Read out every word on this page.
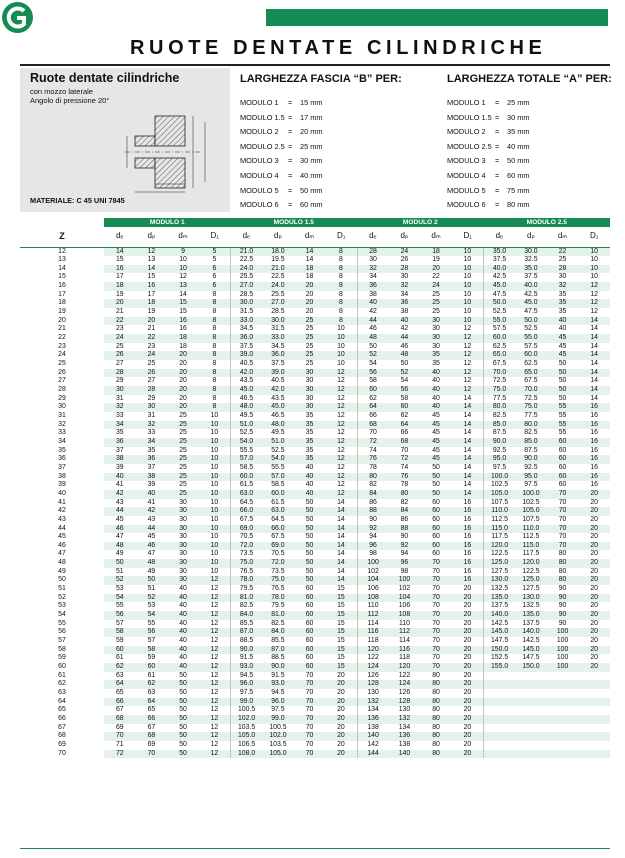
RUOTE DENTATE CILINDRICHE
Ruote dentate cilindriche
con mozzo laterale
Angolo di pressione 20°
MATERIALE: C 45 UNI 7845
LARGHEZZA FASCIA “B” PER:
MODULO 1	=	15 mm
MODULO 1.5 =	17 mm
MODULO 2	=	20 mm
MODULO 2.5 =	25 mm
MODULO 3	=	30 mm
MODULO 4	=	40 mm
MODULO 5	=	50 mm
MODULO 6	=	60 mm
LARGHEZZA TOTALE “A” PER:
MODULO 1	=	25 mm
MODULO 1.5 =	30 mm
MODULO 2	=	35 mm
MODULO 2.5 =	40 mm
MODULO 3	=	50 mm
MODULO 4	=	60 mm
MODULO 5	=	75 mm
MODULO 6	=	80 mm
	MODULO 1				MODULO 1.5				MODULO 2				MODULO 2.5			
Z	dₑ	dₚ	dₘ	D₁	dₑ	dₚ	dₘ	D₁	dₑ	dₚ	dₘ	D₁	dₑ	dₚ	dₘ	D₁
12	14	12	9	5	21.0	18.0	14	8	28	24	18	10	35.0	30.0	22	10
13	15	13	10	5	22.5	19.5	14	8	30	26	19	10	37.5	32.5	25	10
14	16	14	10	6	24.0	21.0	18	8	32	28	20	10	40.0	35.0	28	10
15	17	15	12	6	25.5	22.5	18	8	34	30	22	10	42.5	37.5	30	10
16	18	16	13	6	27.0	24.0	20	8	36	32	24	10	45.0	40.0	32	12
17	19	17	14	8	28.5	25.5	20	8	38	34	25	10	47.5	42.5	35	12
18	20	18	15	8	30.0	27.0	20	8	40	36	25	10	50.0	45.0	35	12
19	21	19	15	8	31.5	28.5	20	8	42	38	25	10	52.5	47.5	35	12
20	22	20	16	8	33.0	30.0	25	8	44	40	30	10	55.0	50.0	40	14
21	23	21	16	8	34.5	31.5	25	10	46	42	30	12	57.5	52.5	40	14
22	24	22	18	8	36.0	33.0	25	10	48	44	30	12	60.0	55.0	45	14
23	25	23	18	8	37.5	34.5	25	10	50	46	30	12	62.5	57.5	45	14
24	26	24	20	8	39.0	36.0	25	10	52	48	35	12	65.0	60.0	45	14
25	27	25	20	8	40.5	37.5	25	10	54	50	35	12	67.5	62.5	50	14
26	28	26	20	8	42.0	39.0	30	12	56	52	40	12	70.0	65.0	50	14
27	29	27	20	8	43.5	40.5	30	12	58	54	40	12	72.5	67.5	50	14
28	30	28	20	8	45.0	42.0	30	12	60	56	40	12	75.0	70.0	50	14
29	31	29	20	8	46.5	43.5	30	12	62	58	40	14	77.5	72.5	50	14
30	32	30	20	8	48.0	45.0	30	12	64	60	40	14	80.0	75.0	55	16
31	33	31	25	10	49.5	46.5	35	12	66	62	45	14	82.5	77.5	55	16
32	34	32	25	10	51.0	48.0	35	12	68	64	45	14	85.0	80.0	55	16
33	35	33	25	10	52.5	49.5	35	12	70	66	45	14	87.5	82.5	55	16
34	36	34	25	10	54.0	51.0	35	12	72	68	45	14	90.0	85.0	60	16
35	37	35	25	10	55.5	52.5	35	12	74	70	45	14	92.5	87.5	60	16
36	38	36	25	10	57.0	54.0	35	12	76	72	45	14	95.0	90.0	60	16
37	39	37	25	10	58.5	55.5	40	12	78	74	50	14	97.5	92.5	60	16
38	40	38	25	10	60.0	57.0	40	12	80	76	50	14	100.0	95.0	60	16
39	41	39	25	10	61.5	58.5	40	12	82	78	50	14	102.5	97.5	60	16
40	42	40	25	10	63.0	60.0	40	12	84	80	50	14	105.0	100.0	70	20
41	43	41	30	10	64.5	61.5	50	14	86	82	60	16	107.5	102.5	70	20
42	44	42	30	10	66.0	63.0	50	14	88	84	60	16	110.0	105.0	70	20
43	45	43	30	10	67.5	64.5	50	14	90	86	60	16	112.5	107.5	70	20
44	46	44	30	10	69.0	66.0	50	14	92	88	60	16	115.0	110.0	70	20
45	47	45	30	10	70.5	67.5	50	14	94	90	60	16	117.5	112.5	70	20
46	48	46	30	10	72.0	69.0	50	14	96	92	60	16	120.0	115.0	70	20
47	49	47	30	10	73.5	70.5	50	14	98	94	60	16	122.5	117.5	80	20
48	50	48	30	10	75.0	72.0	50	14	100	96	70	16	125.0	120.0	80	20
49	51	49	30	10	76.5	73.5	50	14	102	98	70	16	127.5	122.5	80	20
50	52	50	30	12	78.0	75.0	50	14	104	100	70	16	130.0	125.0	80	20
51	53	51	40	12	79.5	76.5	60	15	106	102	70	20	132.5	127.5	90	20
52	54	52	40	12	81.0	78.0	60	15	108	104	70	20	135.0	130.0	90	20
53	55	53	40	12	82.5	79.5	60	15	110	106	70	20	137.5	132.5	90	20
54	56	54	40	12	84.0	81.0	60	15	112	108	70	20	140.0	135.0	90	20
55	57	55	40	12	85.5	82.5	60	15	114	110	70	20	142.5	137.5	90	20
56	58	56	40	12	87.0	84.0	60	15	116	112	70	20	145.0	140.0	100	20
57	59	57	40	12	88.5	85.5	60	15	118	114	70	20	147.5	142.5	100	20
58	60	58	40	12	90.0	87.0	60	15	120	116	70	20	150.0	145.0	100	20
59	61	59	40	12	91.5	88.5	60	15	122	118	70	20	152.5	147.5	100	20
60	62	60	40	12	93.0	90.0	60	15	124	120	70	20	155.0	150.0	100	20
61	63	61	50	12	94.5	91.5	70	20	126	122	80	20				
62	64	62	50	12	96.0	93.0	70	20	128	124	80	20				
63	65	63	50	12	97.5	94.5	70	20	130	126	80	20				
64	66	64	50	12	99.0	96.0	70	20	132	128	80	20				
65	67	65	50	12	100.5	97.5	70	20	134	130	80	20				
66	68	66	50	12	102.0	99.0	70	20	136	132	80	20				
67	69	67	50	12	103.5	100.5	70	20	138	134	80	20				
68	70	68	50	12	105.0	102.0	70	20	140	136	80	20				
69	71	69	50	12	106.5	103.5	70	20	142	138	80	20				
70	72	70	50	12	108.0	105.0	70	20	144	140	80	20				
